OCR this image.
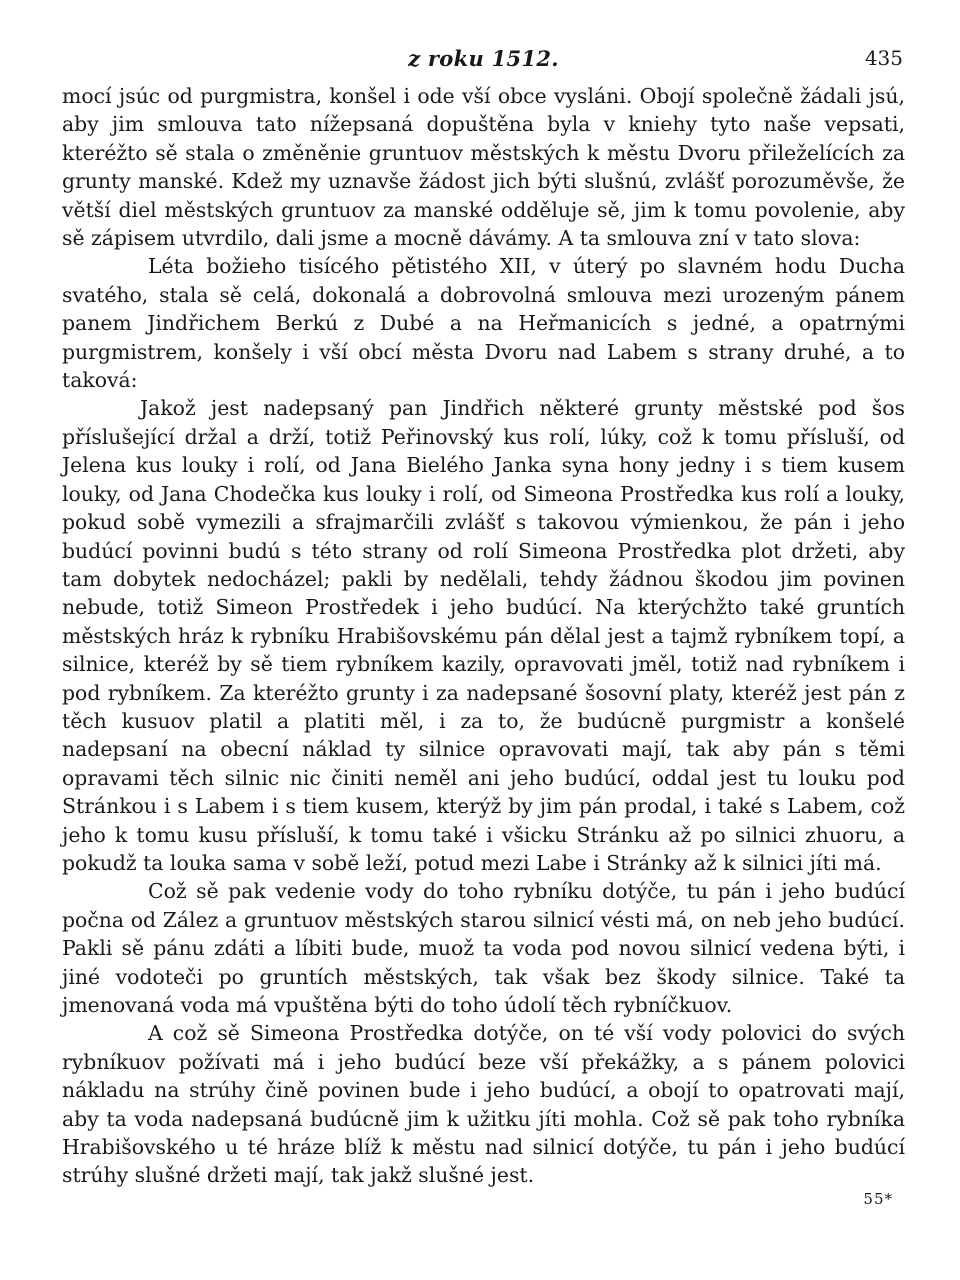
z roku 1512.	435

mocí jsúc od purgmistra, konšel i ode vší obce vysláni. Obojí společně žádali jsú, aby jim smlouva tato nížepsaná dopuštěna byla v kniehy tyto naše vepsati, kteréžto sě stala o změněnie gruntuov městských k městu Dvoru přileželících za grunty manské. Kdež my uznavše žádost jich býti slušnú, zvlášť porozuměvše, že větší diel městských gruntuov za manské odděluje sě, jim k tomu povolenie, aby sě zápisem utvrdilo, dali jsme a mocně dávámy. A ta smlouva zní v tato slova:

Léta božieho tisícého pětistého XII, v úterý po slavném hodu Ducha svatého, stala sě celá, dokonalá a dobrovolná smlouva mezi urozeným pánem panem Jindřichem Berkú z Dubé a na Heřmanicích s jedné, a opatrnými purgmistrem, konšely i vší obcí města Dvoru nad Labem s strany druhé, a to taková:

Jakož jest nadepsaný pan Jindřich některé grunty městské pod šos příslušející držal a drží, totiž Peřinovský kus rolí, lúky, což k tomu přísluší, od Jelena kus louky i rolí, od Jana Bielého Janka syna hony jedny i s tiem kusem louky, od Jana Chodečka kus louky i rolí, od Simeona Prostředka kus rolí a louky, pokud sobě vymezili a sfrajmarčili zvlášť s takovou výmienkou, že pán i jeho budúcí povinni budú s této strany od rolí Simeona Prostředka plot držeti, aby tam dobytek nedocházel; pakli by nedělali, tehdy žádnou škodou jim povinen nebude, totiž Simeon Prostředek i jeho budúcí. Na kterýchžto také gruntích městských hráz k rybníku Hrabišovskému pán dělal jest a tajmž rybníkem topí, a silnice, kteréž by sě tiem rybníkem kazily, opravovati jměl, totiž nad rybníkem i pod rybníkem. Za kteréžto grunty i za nadepsané šosovní platy, kteréž jest pán z těch kusuov platil a platiti měl, i za to, že budúcně purgmistr a konšelé nadepsaní na obecní náklad ty silnice opravovati mají, tak aby pán s těmi opravami těch silnic nic činiti neměl ani jeho budúcí, oddal jest tu louku pod Stránkou i s Labem i s tiem kusem, kterýž by jim pán prodal, i také s Labem, což jeho k tomu kusu přísluší, k tomu také i všicku Stránku až po silnici zhuoru, a pokudž ta louka sama v sobě leží, potud mezi Labe i Stránky až k silnici jíti má.

Což sě pak vedenie vody do toho rybníku dotýče, tu pán i jeho budúcí počna od Zález a gruntuov městských starou silnicí vésti má, on neb jeho budúcí. Pakli sě pánu zdáti a líbiti bude, muož ta voda pod novou silnicí vedena býti, i jiné vodoteči po gruntích městských, tak však bez škody silnice. Také ta jmenovaná voda má vpuštěna býti do toho údolí těch rybníčkuov.

A což sě Simeona Prostředka dotýče, on té vší vody polovici do svých rybníkuov požívati má i jeho budúcí beze vší překážky, a s pánem polovici nákladu na strúhy čině povinen bude i jeho budúcí, a obojí to opatrovati mají, aby ta voda nadepsaná budúcně jim k užitku jíti mohla. Což sě pak toho rybníka Hrabišovského u té hráze blíž k městu nad silnicí dotýče, tu pán i jeho budúcí strúhy slušné držeti mají, tak jakž slušné jest.

55*
